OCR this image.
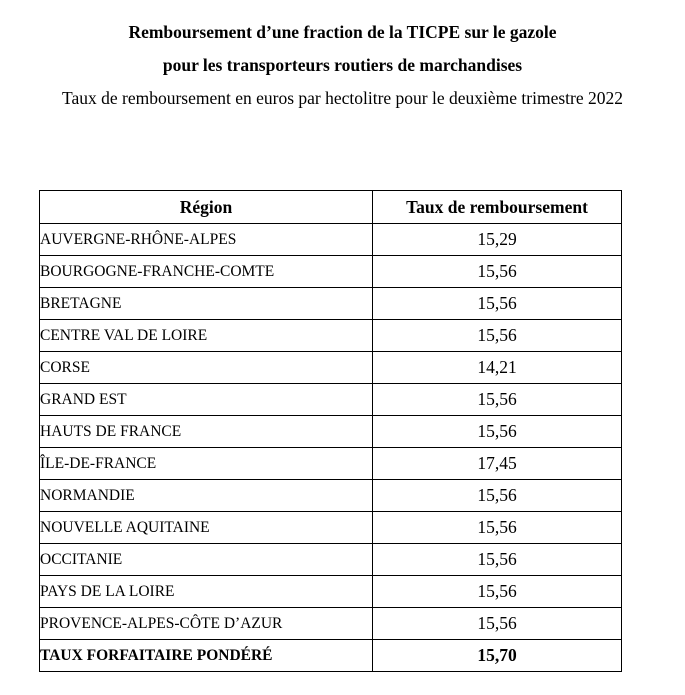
Remboursement d’une fraction de la TICPE sur le gazole
pour les transporteurs routiers de marchandises
Taux de remboursement en euros par hectolitre pour le deuxième trimestre 2022
Région	Taux de remboursement
AUVERGNE-RHÔNE-ALPES	15,29
BOURGOGNE-FRANCHE-COMTE	15,56
BRETAGNE	15,56
CENTRE VAL DE LOIRE	15,56
CORSE	14,21
GRAND EST	15,56
HAUTS DE FRANCE	15,56
ÎLE-DE-FRANCE	17,45
NORMANDIE	15,56
NOUVELLE AQUITAINE	15,56
OCCITANIE	15,56
PAYS DE LA LOIRE	15,56
PROVENCE-ALPES-CÔTE D’AZUR	15,56
TAUX FORFAITAIRE PONDÉRÉ	15,70
